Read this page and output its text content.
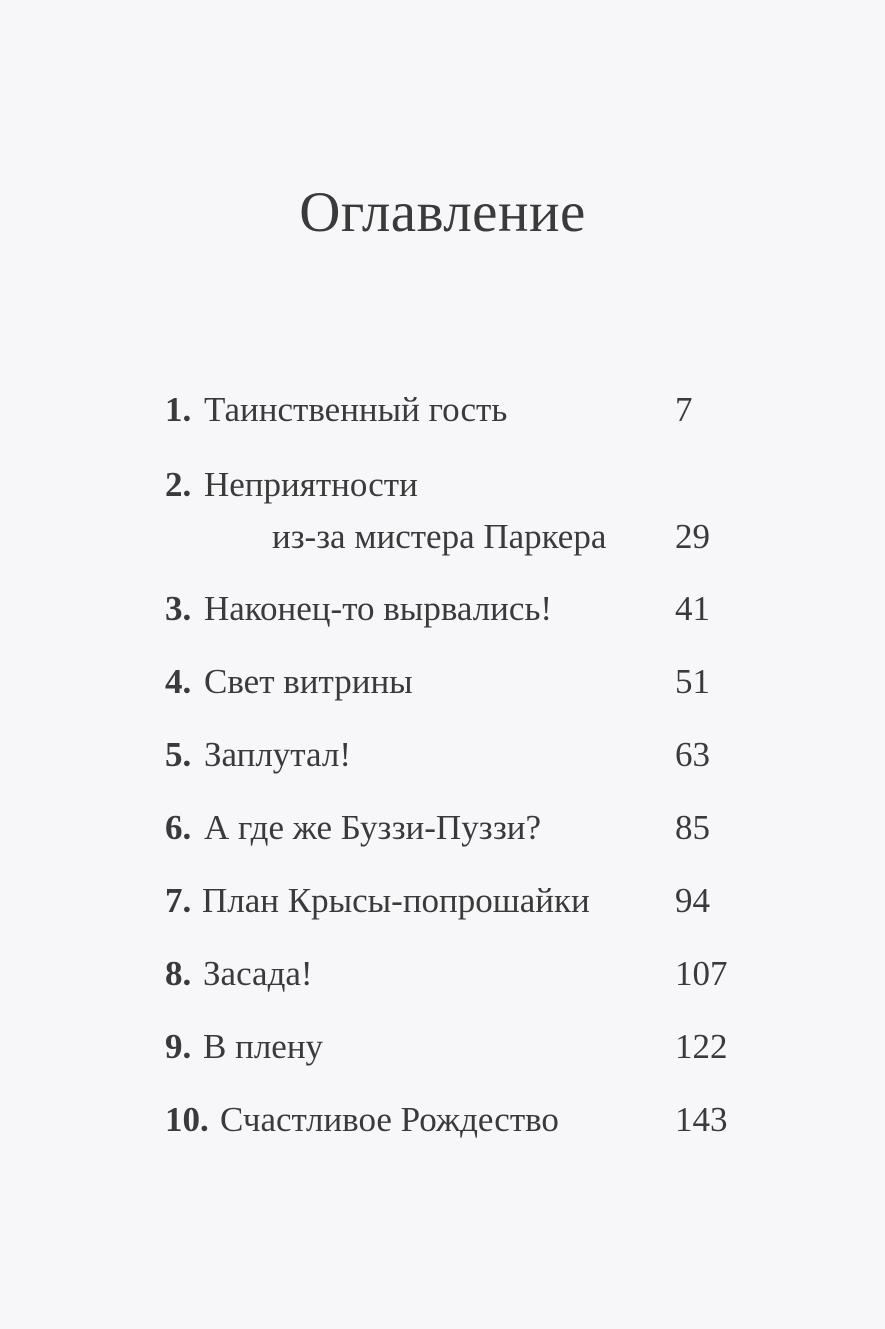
Оглавление
1. Таинственный гость	7
2. Неприятности
из-за мистера Паркера 29
3. Наконец-то вырвались!	41
4. Свет витрины	51
5. Заплутал!	63
6. А где же Буззи-Пуззи?	85
7. План Крысы-попрошайки 94
8. Засада!	107
9. В плену	122
10. Счастливое Рождество	143
